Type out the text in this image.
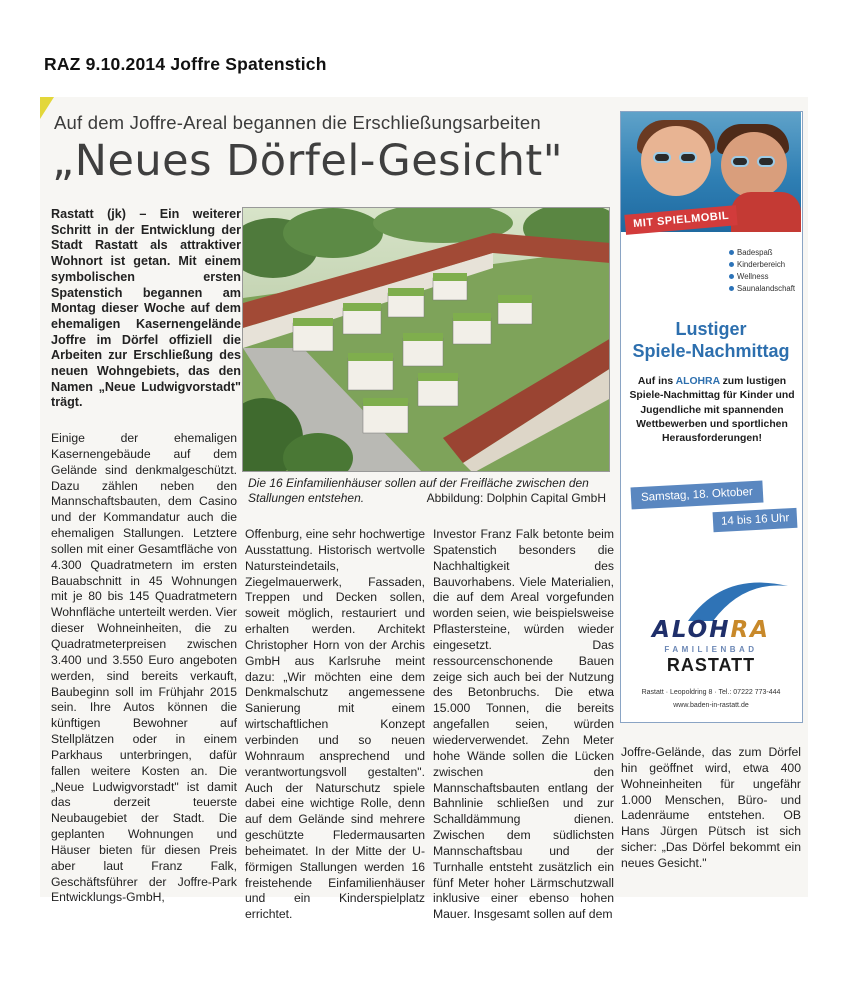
RAZ 9.10.2014 Joffre Spatenstich
Auf dem Joffre-Areal begannen die Erschließungsarbeiten
„Neues Dörfel-Gesicht"
Rastatt (jk) – Ein weiterer Schritt in der Entwicklung der Stadt Rastatt als attraktiver Wohnort ist getan. Mit einem symbolischen ersten Spatenstich begannen am Montag dieser Woche auf dem ehemaligen Kasernengelände Joffre im Dörfel offiziell die Arbeiten zur Erschließung des neuen Wohngebiets, das den Namen „Neue Ludwigvorstadt" trägt.
Die 16 Einfamilienhäuser sollen auf der Freifläche zwischen den Stallungen entstehen.	Abbildung: Dolphin Capital GmbH
Einige der ehemaligen Kasernengebäude auf dem Gelände sind denkmalgeschützt. Dazu zählen neben den Mannschaftsbauten, dem Casino und der Kommandatur auch die ehemaligen Stallungen. Letztere sollen mit einer Gesamtfläche von 4.300 Quadratmetern im ersten Bauabschnitt in 45 Wohnungen mit je 80 bis 145 Quadratmetern Wohnfläche unterteilt werden. Vier dieser Wohneinheiten, die zu Quadratmeterpreisen zwischen 3.400 und 3.550 Euro angeboten werden, sind bereits verkauft, Baubeginn soll im Frühjahr 2015 sein. Ihre Autos können die künftigen Bewohner auf Stellplätzen oder in einem Parkhaus unterbringen, dafür fallen weitere Kosten an. Die „Neue Ludwigvorstadt" ist damit das derzeit teuerste Neubaugebiet der Stadt. Die geplanten Wohnungen und Häuser bieten für diesen Preis aber laut Franz Falk, Geschäftsführer der Joffre-Park Entwicklungs-GmbH,
Offenburg, eine sehr hochwertige Ausstattung. Historisch wertvolle Natursteindetails, Ziegelmauerwerk, Fassaden, Treppen und Decken sollen, soweit möglich, restauriert und erhalten werden. Architekt Christopher Horn von der Archis GmbH aus Karlsruhe meint dazu: „Wir möchten eine dem Denkmalschutz angemessene Sanierung mit einem wirtschaftlichen Konzept verbinden und so neuen Wohnraum ansprechend und verantwortungsvoll gestalten". Auch der Naturschutz spiele dabei eine wichtige Rolle, denn auf dem Gelände sind mehrere geschützte Fledermausarten beheimatet. In der Mitte der U-förmigen Stallungen werden 16 freistehende Einfamilienhäuser und ein Kinderspielplatz errichtet.
Investor Franz Falk betonte beim Spatenstich besonders die Nachhaltigkeit des Bauvorhabens. Viele Materialien, die auf dem Areal vorgefunden worden seien, wie beispielsweise Pflastersteine, würden wieder eingesetzt. Das ressourcenschonende Bauen zeige sich auch bei der Nutzung des Betonbruchs. Die etwa 15.000 Tonnen, die bereits angefallen seien, würden wiederverwendet. Zehn Meter hohe Wände sollen die Lücken zwischen den Mannschaftsbauten entlang der Bahnlinie schließen und zur Schalldämmung dienen. Zwischen dem südlichsten Mannschaftsbau und der Turnhalle entsteht zusätzlich ein fünf Meter hoher Lärmschutzwall inklusive einer ebenso hohen Mauer. Insgesamt sollen auf dem
Joffre-Gelände, das zum Dörfel hin geöffnet wird, etwa 400 Wohneinheiten für ungefähr 1.000 Menschen, Büro- und Ladenräume entstehen. OB Hans Jürgen Pütsch ist sich sicher: „Das Dörfel bekommt ein neues Gesicht."
MIT SPIELMOBIL
Badespaß
Kinderbereich
Wellness
Saunalandschaft
Lustiger
Spiele-Nachmittag
Auf ins ALOHRA zum lustigen Spiele-Nachmittag für Kinder und Jugendliche mit spannenden Wettbewerben und sportlichen Herausforderungen!
Samstag, 18. Oktober
14 bis 16 Uhr
ALOHRA
FAMILIENBAD
RASTATT
Rastatt · Leopoldring 8 · Tel.: 07222 773-444
www.baden-in-rastatt.de
